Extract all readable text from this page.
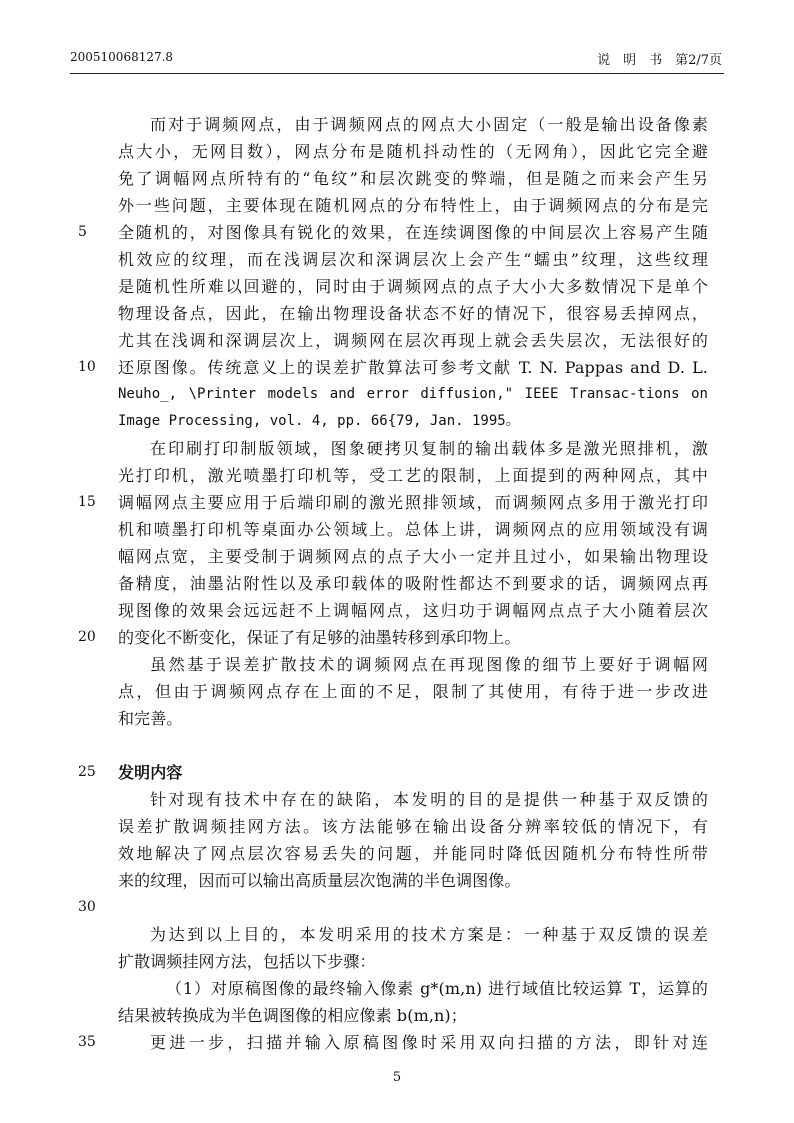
200510068127.8	说　明　书　第2/7页
5
10
15
20
25
30
35
而对于调频网点，由于调频网点的网点大小固定（一般是输出设备像素
点大小，无网目数），网点分布是随机抖动性的（无网角），因此它完全避
免了调幅网点所特有的“龟纹”和层次跳变的弊端，但是随之而来会产生另
外一些问题，主要体现在随机网点的分布特性上，由于调频网点的分布是完
全随机的，对图像具有锐化的效果，在连续调图像的中间层次上容易产生随
机效应的纹理，而在浅调层次和深调层次上会产生“蠕虫”纹理，这些纹理
是随机性所难以回避的，同时由于调频网点的点子大小大多数情况下是单个
物理设备点，因此，在输出物理设备状态不好的情况下，很容易丢掉网点，
尤其在浅调和深调层次上，调频网在层次再现上就会丢失层次，无法很好的
还原图像。传统意义上的误差扩散算法可参考文献 T. N. Pappas and D. L.
Neuho_, \Printer models and error diffusion," IEEE Transac-tions on
Image Processing, vol. 4, pp. 66{79, Jan. 1995。
在印刷打印制版领域，图象硬拷贝复制的输出载体多是激光照排机，激
光打印机，激光喷墨打印机等，受工艺的限制，上面提到的两种网点，其中
调幅网点主要应用于后端印刷的激光照排领域，而调频网点多用于激光打印
机和喷墨打印机等桌面办公领域上。总体上讲，调频网点的应用领域没有调
幅网点宽，主要受制于调频网点的点子大小一定并且过小，如果输出物理设
备精度，油墨沾附性以及承印载体的吸附性都达不到要求的话，调频网点再
现图像的效果会远远赶不上调幅网点，这归功于调幅网点点子大小随着层次
的变化不断变化，保证了有足够的油墨转移到承印物上。
虽然基于误差扩散技术的调频网点在再现图像的细节上要好于调幅网
点，但由于调频网点存在上面的不足，限制了其使用，有待于进一步改进
和完善。
发明内容
针对现有技术中存在的缺陷，本发明的目的是提供一种基于双反馈的
误差扩散调频挂网方法。该方法能够在输出设备分辨率较低的情况下，有
效地解决了网点层次容易丢失的问题，并能同时降低因随机分布特性所带
来的纹理，因而可以输出高质量层次饱满的半色调图像。
为达到以上目的，本发明采用的技术方案是：一种基于双反馈的误差
扩散调频挂网方法，包括以下步骤：
（1）对原稿图像的最终输入像素 g*(m,n) 进行域值比较运算 T，运算的
结果被转换成为半色调图像的相应像素 b(m,n)；
更进一步，扫描并输入原稿图像时采用双向扫描的方法，即针对连
5
